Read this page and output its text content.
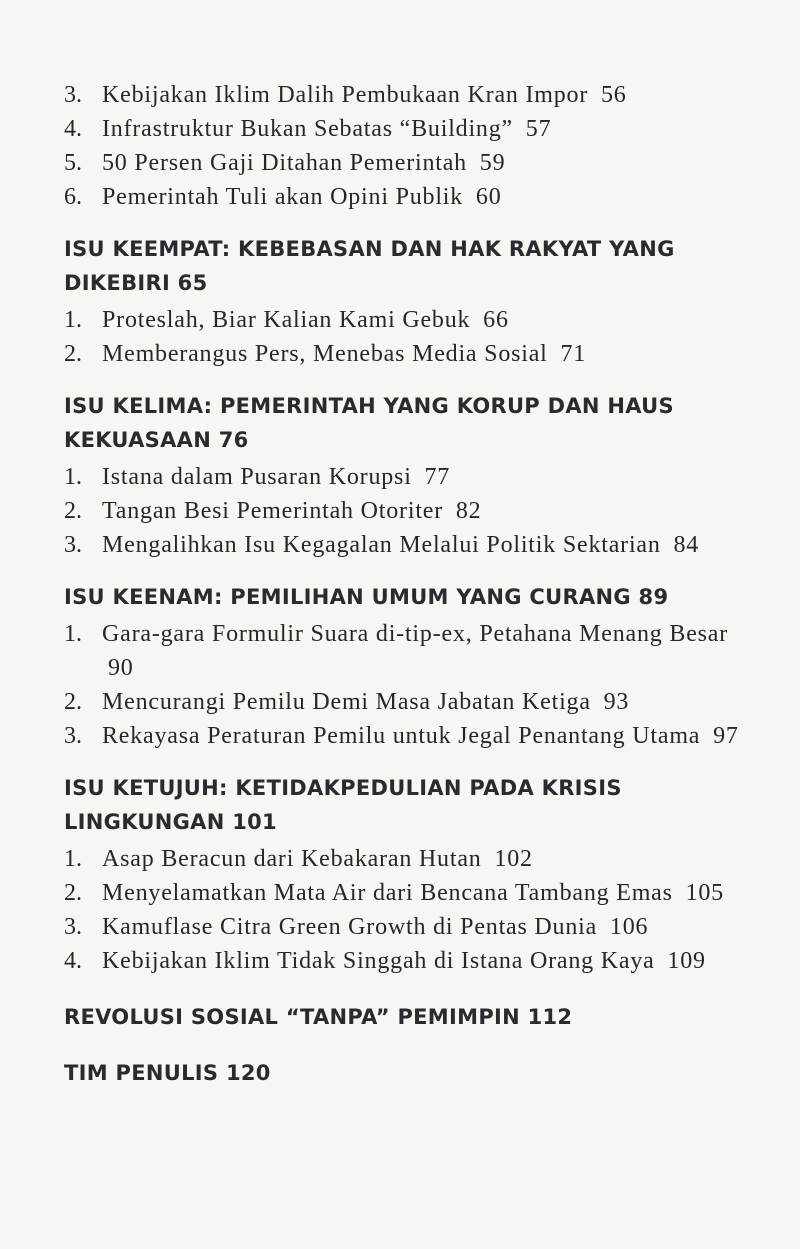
3. Kebijakan Iklim Dalih Pembukaan Kran Impor 56
4. Infrastruktur Bukan Sebatas “Building” 57
5. 50 Persen Gaji Ditahan Pemerintah 59
6. Pemerintah Tuli akan Opini Publik 60
ISU KEEMPAT: KEBEBASAN DAN HAK RAKYAT YANG DIKEBIRI 65
1. Proteslah, Biar Kalian Kami Gebuk 66
2. Memberangus Pers, Menebas Media Sosial 71
ISU KELIMA: PEMERINTAH YANG KORUP DAN HAUS KEKUASAAN 76
1. Istana dalam Pusaran Korupsi 77
2. Tangan Besi Pemerintah Otoriter 82
3. Mengalihkan Isu Kegagalan Melalui Politik Sektarian 84
ISU KEENAM: PEMILIHAN UMUM YANG CURANG 89
1. Gara-gara Formulir Suara di-tip-ex, Petahana Menang Besar 90
2. Mencurangi Pemilu Demi Masa Jabatan Ketiga 93
3. Rekayasa Peraturan Pemilu untuk Jegal Penantang Utama 97
ISU KETUJUH: KETIDAKPEDULIAN PADA KRISIS LINGKUNGAN 101
1. Asap Beracun dari Kebakaran Hutan 102
2. Menyelamatkan Mata Air dari Bencana Tambang Emas 105
3. Kamuflase Citra Green Growth di Pentas Dunia 106
4. Kebijakan Iklim Tidak Singgah di Istana Orang Kaya 109
REVOLUSI SOSIAL “TANPA” PEMIMPIN 112
TIM PENULIS 120
